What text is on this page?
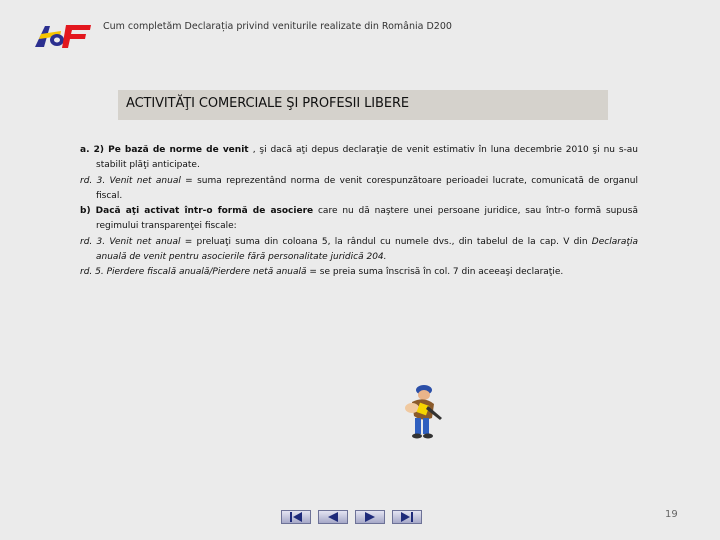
Cum completăm Declarația privind veniturile realizate din România D200
ACTIVITĂŢI COMERCIALE ŞI PROFESII LIBERE

a. 2) Pe bază de norme de venit , şi dacă aţi depus declaraţie de venit estimativ în luna decembrie 2010 şi nu s-au stabilit plăţi anticipate.

rd. 3. Venit net anual = suma reprezentând norma de venit corespunzătoare perioadei lucrate, comunicată de organul fiscal.

b) Dacă aţi activat într-o formă de asociere care nu dă naştere unei persoane juridice, sau într-o formă supusă regimului transparenţei fiscale:

rd. 3. Venit net anual = preluaţi suma din coloana 5, la rândul cu numele dvs., din tabelul de la cap. V din Declaraţia anuală de venit pentru asocierile fără personalitate juridică 204.

rd. 5. Pierdere fiscală anuală/Pierdere netă anuală = se preia suma înscrisă în col. 7 din aceeaşi declaraţie.

19
